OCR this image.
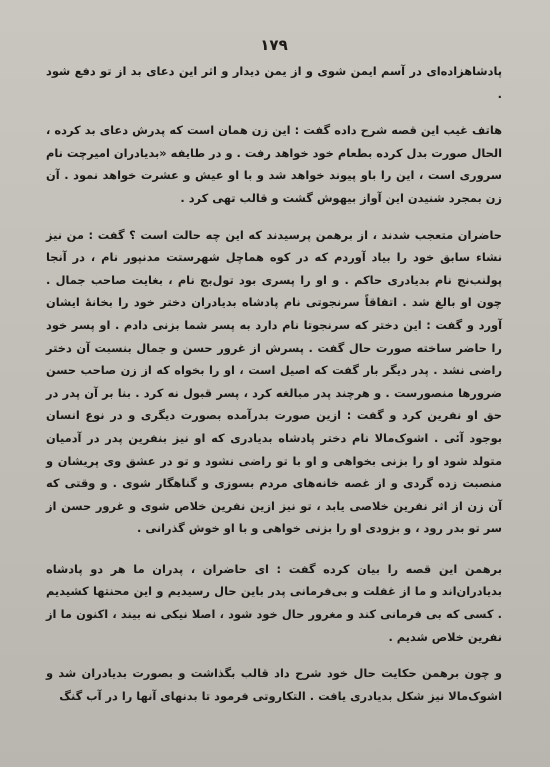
۱۷۹

پادشاهزاده‌ای در آسم ایمن شوی و از یمن دیدار و اثر این دعای بد از تو دفع شود .

هاتف غیب این قصه شرح داده گفت : این زن همان است که پدرش دعای بد کرده ، الحال صورت بدل کرده بطعام خود خواهد رفت . و در طایفه «بدیادران امیرچت نام سروری است ، این را باو پیوند خواهد شد و با او عیش و عشرت خواهد نمود . آن زن بمجرد شنیدن این آواز بیهوش گشت و قالب تهی کرد .

حاضران متعجب شدند ، از برهمن پرسیدند که این چه حالت است ؟ گفت : من نیز نشاء سابق خود را بیاد آوردم که در کوه هماچل شهرستت مدنپور نام ، در آنجا پولنب‌نج نام بدیادری حاکم . و او را پسری بود تول‌بج نام ، بغایت صاحب جمال . چون او بالغ شد . اتفاقاً سرنجوتی نام پادشاه بدیادران دختر خود را بخانهٔ ایشان آورد و گفت : این دختر که سرنجوتا نام دارد به پسر شما بزنی دادم . او پسر خود را حاضر ساخته صورت حال گفت . پسرش از غرور حسن و جمال بنسبت آن دختر راضی نشد . پدر دیگر بار گفت که اصیل است ، او را بخواه که از زن صاحب حسن ضرورها منصورست . و هرچند پدر مبالغه کرد ، پسر قبول نه کرد . بنا بر آن پدر در حق او نفرین کرد و گفت : ازین صورت بدرآمده بصورت دیگری و در نوع انسان بوجود آئی . اشوک‌مالا نام دختر پادشاه بدیادری که او نیز بنفرین پدر در آدمیان متولد شود او را بزنی بخواهی و او با تو راضی نشود و تو در عشق وی پریشان و منصبت زده گردی و از غصه خانه‌های مردم بسوزی و گناهگار شوی . و وقتی که آن زن از اثر نفرین خلاصی یابد ، تو نیز ازین نفرین خلاص شوی و غرور حسن از سر تو بدر رود ، و بزودی او را بزنی خواهی و با او خوش گذرانی .

برهمن این قصه را بیان کرده گفت : ای حاضران ، پدران ما هر دو پادشاه بدیادران‌اند و ما از غفلت و بی‌فرمانی پدر باین حال رسیدیم و این محنتها کشیدیم . کسی که بی فرمانی کند و مغرور حال خود شود ، اصلا نیکی نه بیند ، اکنون ما از نفرین خلاص شدیم .

و چون برهمن حکایت حال خود شرح داد قالب بگذاشت و بصورت بدیادران شد و اشوک‌مالا نیز شکل بدیادری یافت . التکاروتی فرمود تا بدنهای آنها را در آب گنگ
